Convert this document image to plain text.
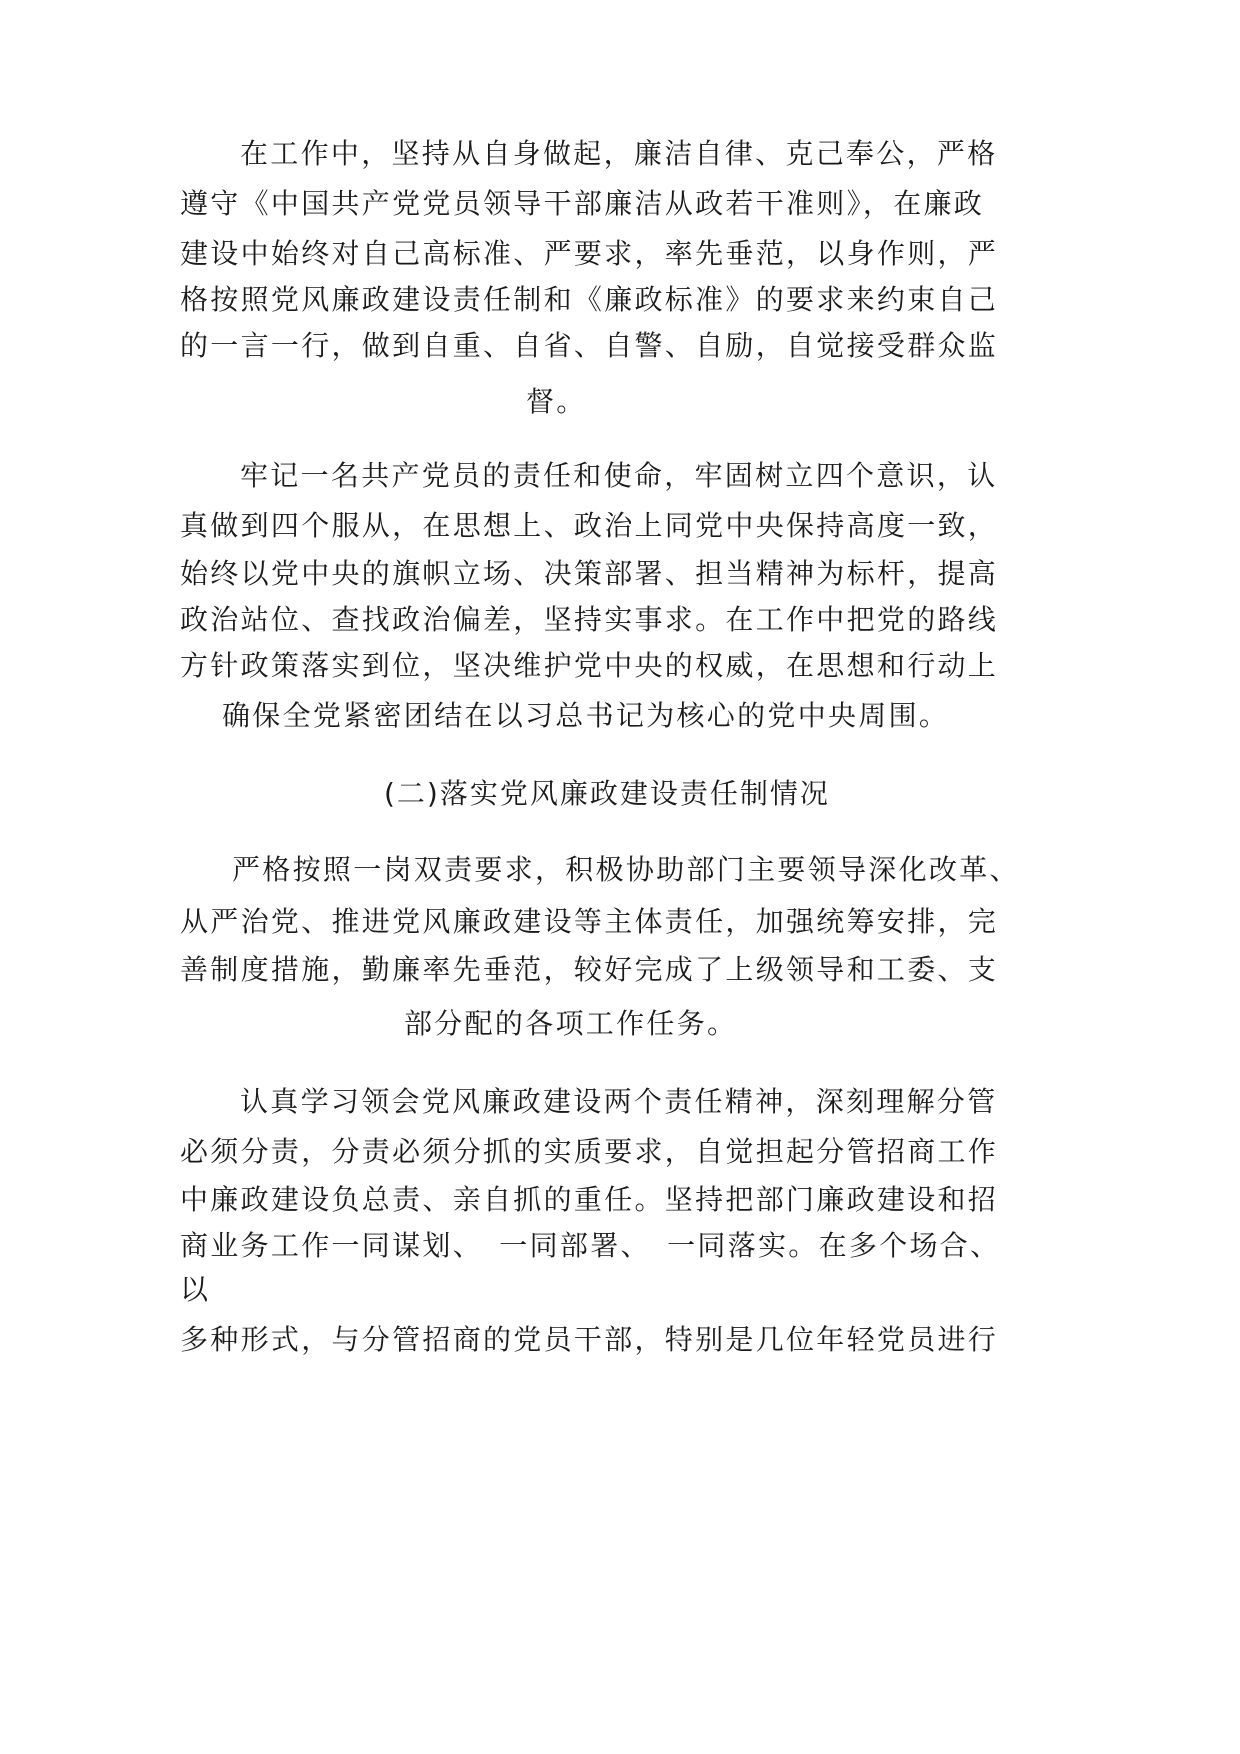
在工作中，坚持从自身做起，廉洁自律、克己奉公，严格
遵守《中国共产党党员领导干部廉洁从政若干准则》，在廉政
建设中始终对自己高标准、严要求，率先垂范，以身作则，严
格按照党风廉政建设责任制和《廉政标准》的要求来约束自己
的一言一行，做到自重、自省、自警、自励，自觉接受群众监
督。
牢记一名共产党员的责任和使命，牢固树立四个意识，认
真做到四个服从，在思想上、政治上同党中央保持高度一致，
始终以党中央的旗帜立场、决策部署、担当精神为标杆，提高
政治站位、查找政治偏差，坚持实事求。在工作中把党的路线
方针政策落实到位，坚决维护党中央的权威，在思想和行动上
确保全党紧密团结在以习总书记为核心的党中央周围。
(二)落实党风廉政建设责任制情况
严格按照一岗双责要求，积极协助部门主要领导深化改革、
从严治党、推进党风廉政建设等主体责任，加强统筹安排，完
善制度措施，勤廉率先垂范，较好完成了上级领导和工委、支
部分配的各项工作任务。
认真学习领会党风廉政建设两个责任精神，深刻理解分管
必须分责，分责必须分抓的实质要求，自觉担起分管招商工作
中廉政建设负总责、亲自抓的重任。坚持把部门廉政建设和招
商业务工作一同谋划、　一同部署、　一同落实。在多个场合、
以
多种形式，与分管招商的党员干部，特别是几位年轻党员进行
